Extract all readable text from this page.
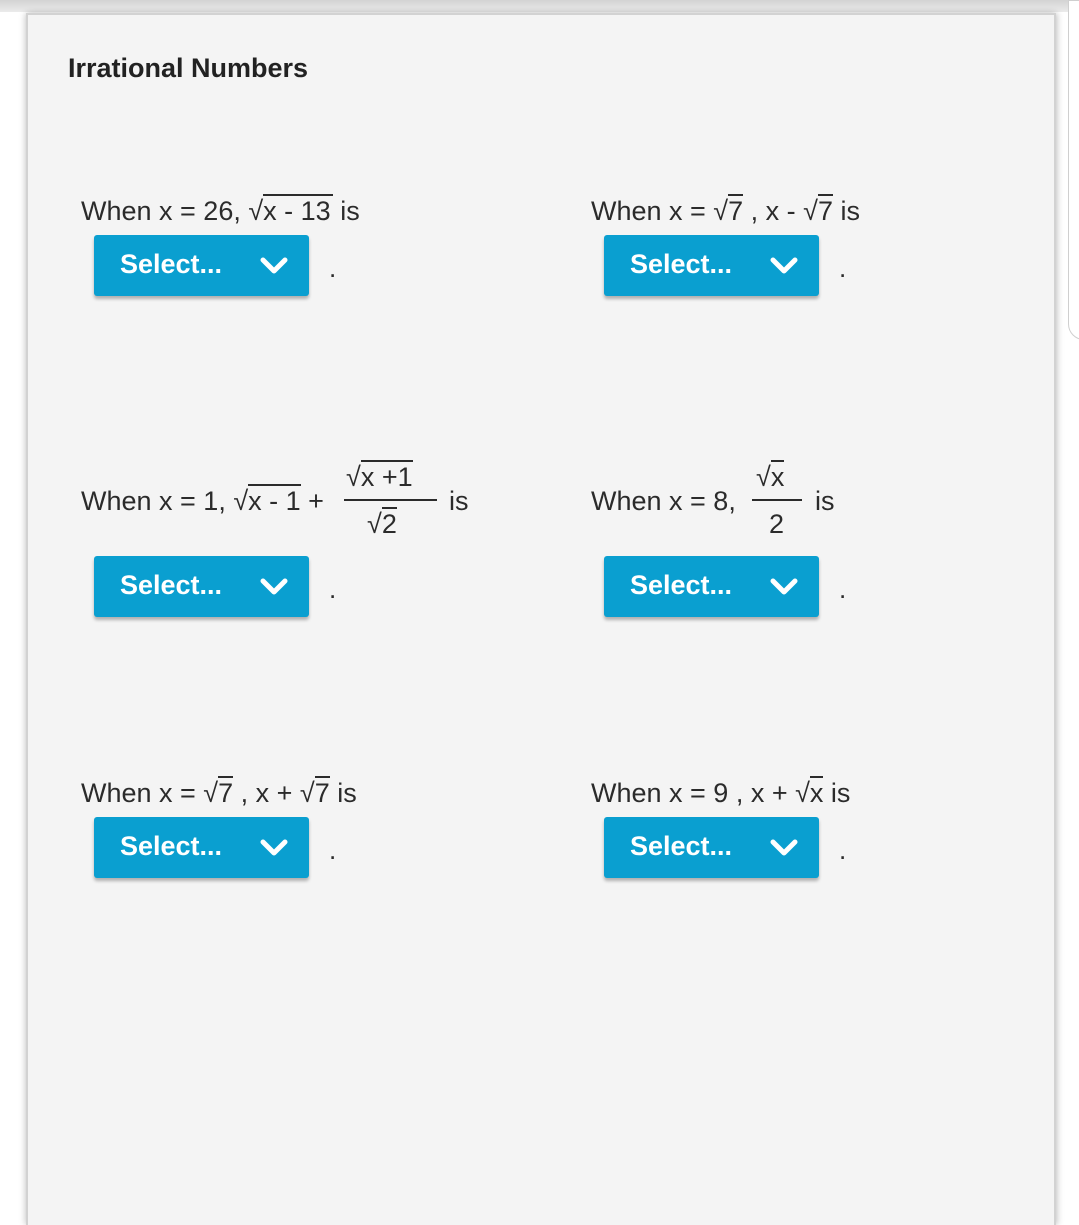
Irrational Numbers
When x = 26, √x - 13 is
Select...	.
When x = √7 , x - √7 is
Select...	.
When x = 1, √x - 1 +
√x +1
√2
is
Select...	.
When x = 8,
√x
2
is
Select...	.
When x = √7 , x + √7 is
Select...	.
When x = 9 , x + √x is
Select...	.
